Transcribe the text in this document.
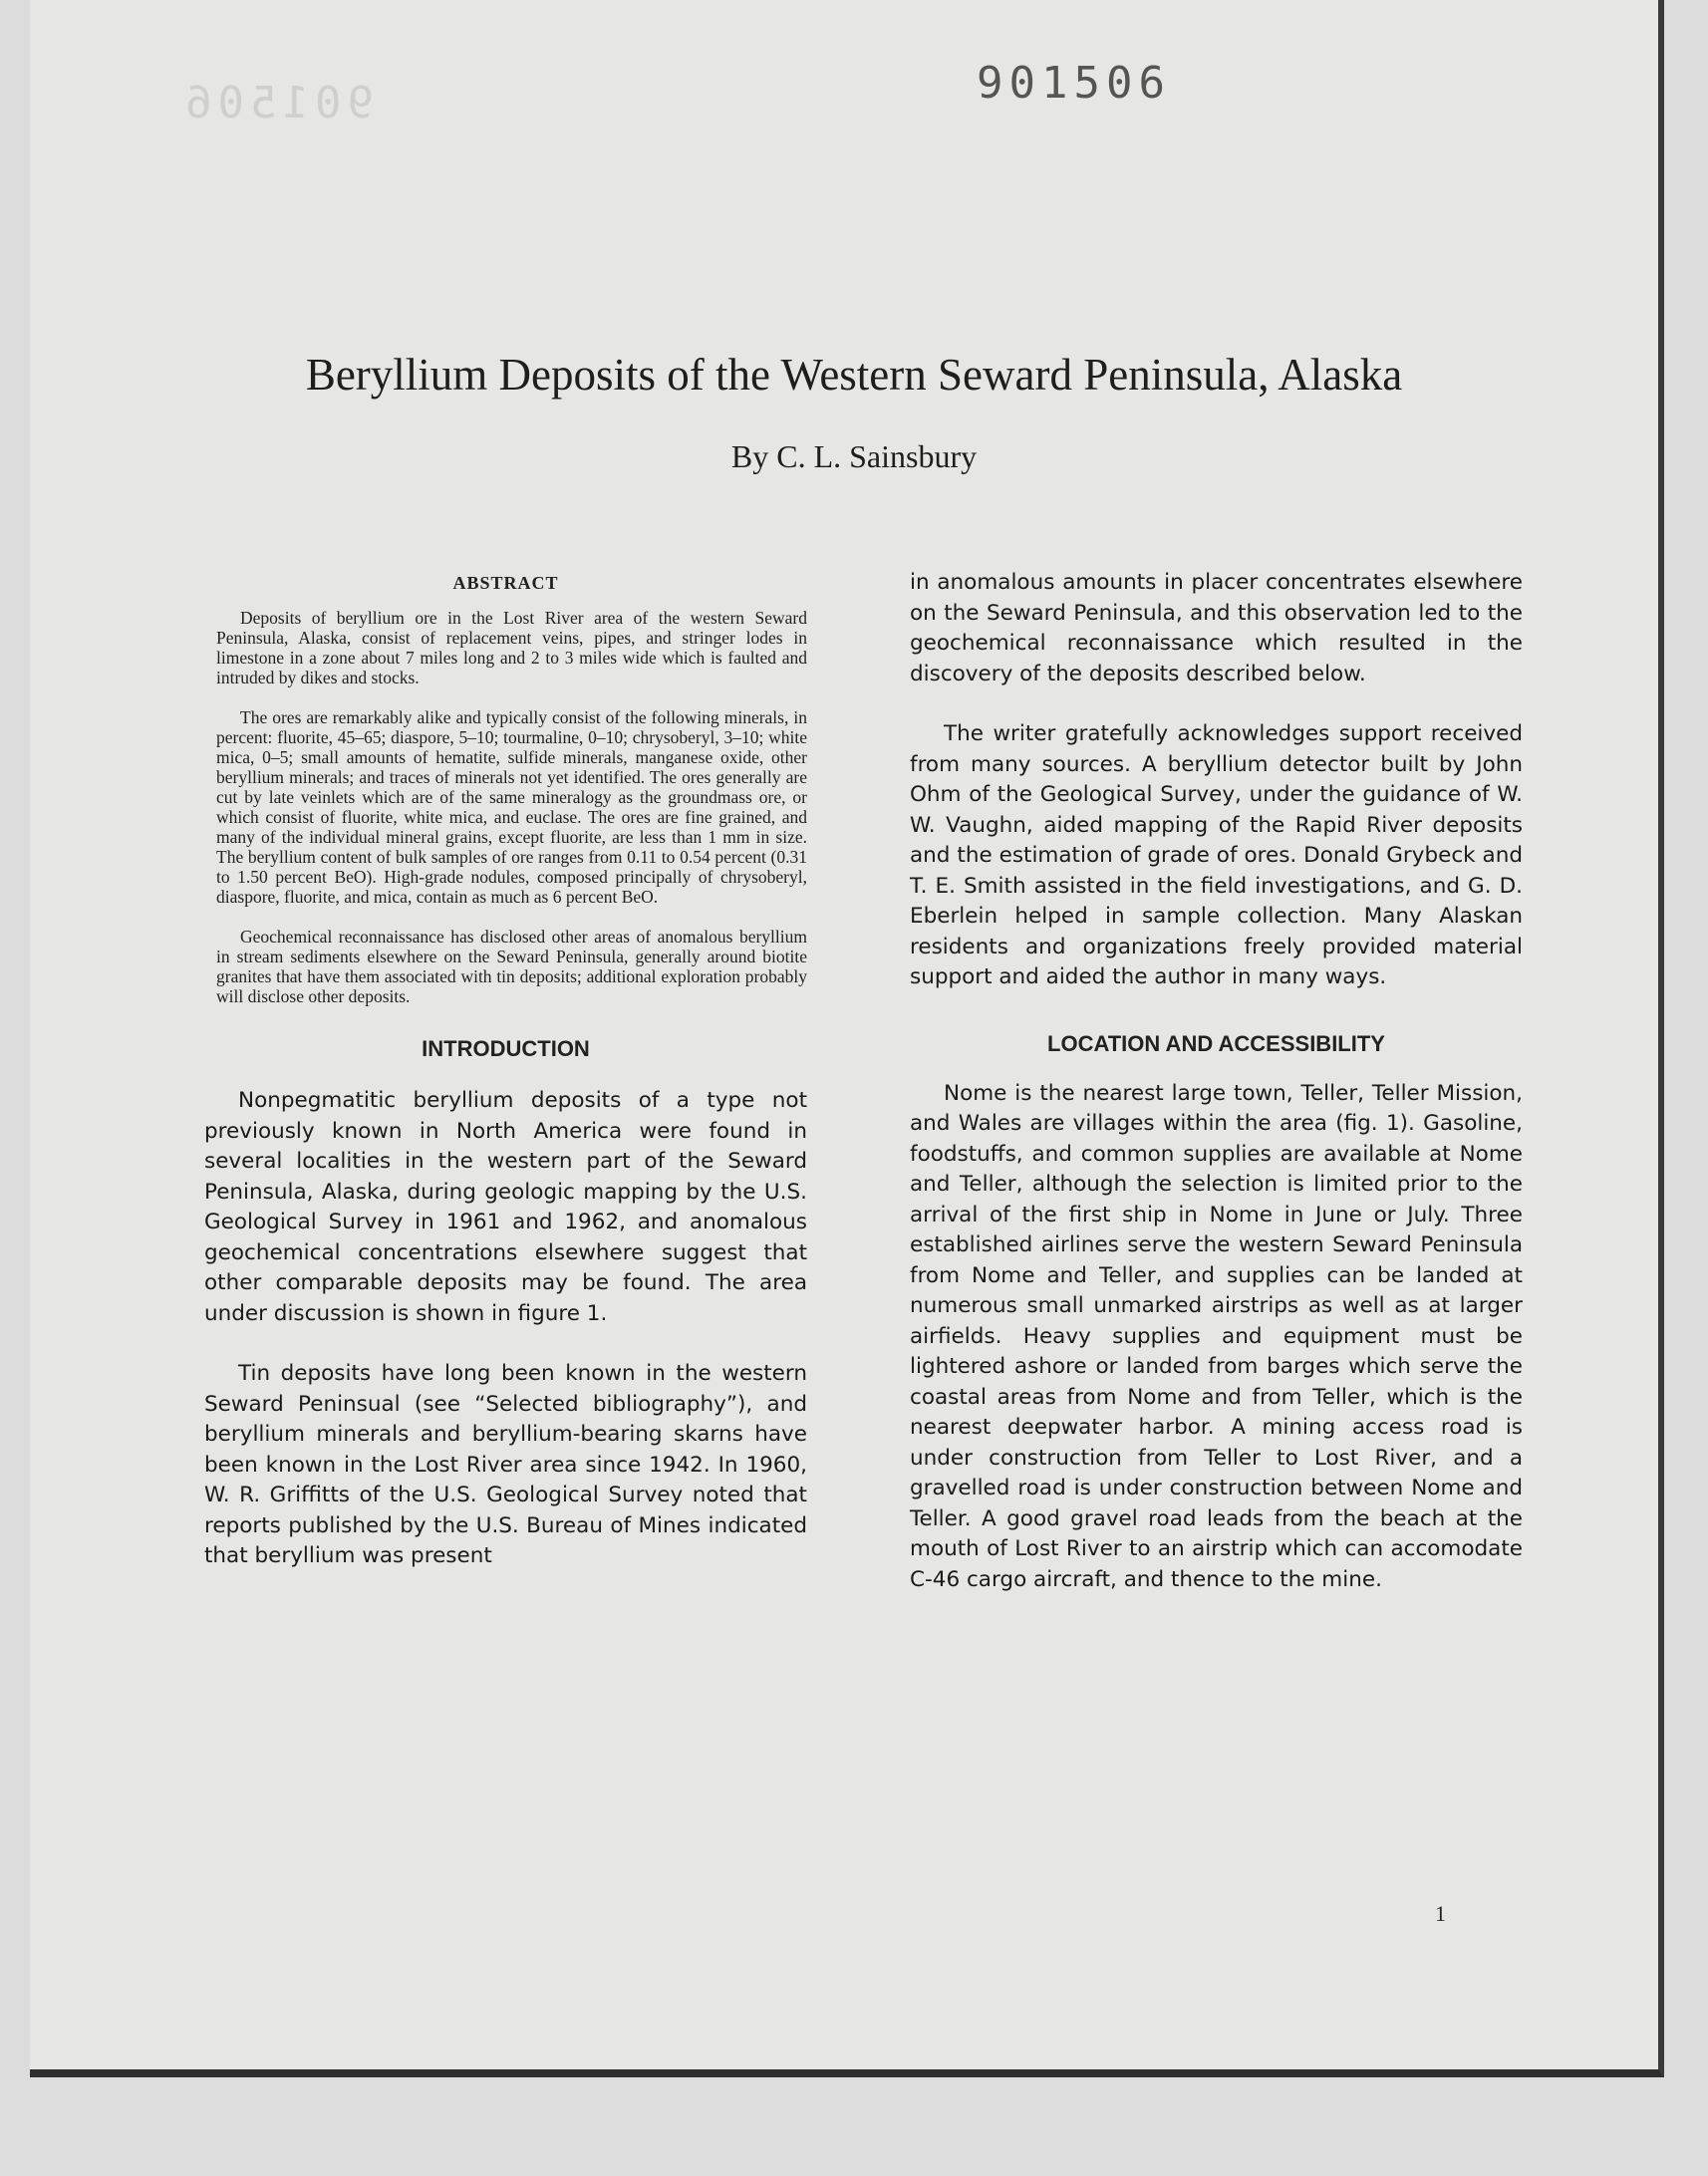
901506	901506
Beryllium Deposits of the Western Seward Peninsula, Alaska
By C. L. Sainsbury
ABSTRACT

Deposits of beryllium ore in the Lost River area of the western Seward Peninsula, Alaska, consist of replacement veins, pipes, and stringer lodes in limestone in a zone about 7 miles long and 2 to 3 miles wide which is faulted and intruded by dikes and stocks.

The ores are remarkably alike and typically consist of the following minerals, in percent: fluorite, 45–65; diaspore, 5–10; tourmaline, 0–10; chrysoberyl, 3–10; white mica, 0–5; small amounts of hematite, sulfide minerals, manganese oxide, other beryllium minerals; and traces of minerals not yet identified. The ores generally are cut by late veinlets which are of the same mineralogy as the groundmass ore, or which consist of fluorite, white mica, and euclase. The ores are fine grained, and many of the individual mineral grains, except fluorite, are less than 1 mm in size. The beryllium content of bulk samples of ore ranges from 0.11 to 0.54 percent (0.31 to 1.50 percent BeO). High-grade nodules, composed principally of chrysoberyl, diaspore, fluorite, and mica, contain as much as 6 percent BeO.

Geochemical reconnaissance has disclosed other areas of anomalous beryllium in stream sediments elsewhere on the Seward Peninsula, generally around biotite granites that have them associated with tin deposits; additional exploration probably will disclose other deposits.

INTRODUCTION

Nonpegmatitic beryllium deposits of a type not previously known in North America were found in several localities in the western part of the Seward Peninsula, Alaska, during geologic mapping by the U.S. Geological Survey in 1961 and 1962, and anomalous geochemical concentrations elsewhere suggest that other comparable deposits may be found. The area under discussion is shown in figure 1.

Tin deposits have long been known in the western Seward Peninsual (see “Selected bibliography”), and beryllium minerals and beryllium-bearing skarns have been known in the Lost River area since 1942. In 1960, W. R. Griffitts of the U.S. Geological Survey noted that reports published by the U.S. Bureau of Mines indicated that beryllium was present

in anomalous amounts in placer concentrates elsewhere on the Seward Peninsula, and this observation led to the geochemical reconnaissance which resulted in the discovery of the deposits described below.

The writer gratefully acknowledges support received from many sources. A beryllium detector built by John Ohm of the Geological Survey, under the guidance of W. W. Vaughn, aided mapping of the Rapid River deposits and the estimation of grade of ores. Donald Grybeck and T. E. Smith assisted in the field investigations, and G. D. Eberlein helped in sample collection. Many Alaskan residents and organizations freely provided material support and aided the author in many ways.

LOCATION AND ACCESSIBILITY

Nome is the nearest large town, Teller, Teller Mission, and Wales are villages within the area (fig. 1). Gasoline, foodstuffs, and common supplies are available at Nome and Teller, although the selection is limited prior to the arrival of the first ship in Nome in June or July. Three established airlines serve the western Seward Peninsula from Nome and Teller, and supplies can be landed at numerous small unmarked airstrips as well as at larger airfields. Heavy supplies and equipment must be lightered ashore or landed from barges which serve the coastal areas from Nome and from Teller, which is the nearest deepwater harbor. A mining access road is under construction from Teller to Lost River, and a gravelled road is under construction between Nome and Teller. A good gravel road leads from the beach at the mouth of Lost River to an airstrip which can accomodate C-46 cargo aircraft, and thence to the mine.

1
